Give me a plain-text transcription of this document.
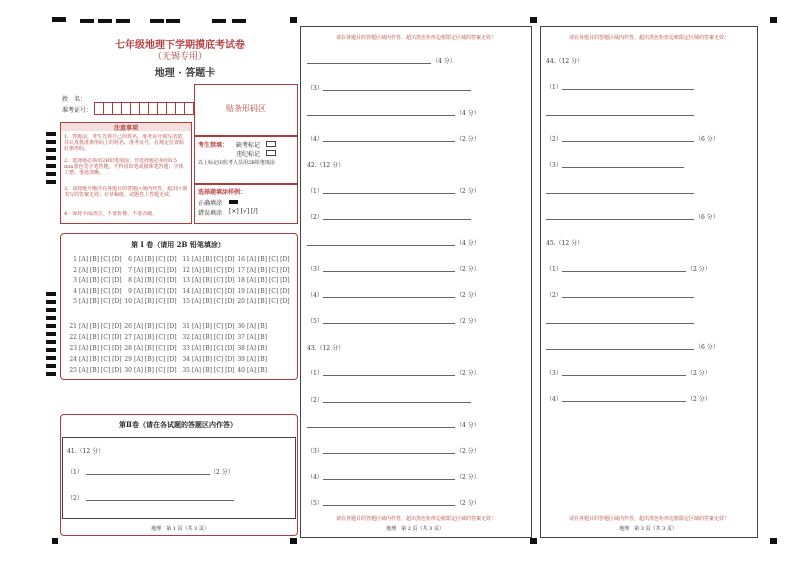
七年级地理下学期摸底考试卷
（无锡专用）
地理 · 答题卡
姓　名：
准考证号：	贴条形码区
注意事项
1．答题前，考生先将自己的姓名，准考证号填写清楚，并认真核准条形码上的姓名、准考证号，在规定位置贴好条形码。
2．选择题必须用2B铅笔填涂；非选择题必须用0.5 mm黑色签字笔答题，不得用铅笔或圆珠笔答题；字体工整、笔迹清晰。
3．请按题号顺序在各题目的答题区域内作答，超出区域书写的答案无效；在草稿纸、试题卷上答题无效。
4．保持卡面清洁，不要折叠、不要弄破。
考生禁填： 缺考标记
违纪标记
以上标记由监考人员用2B铅笔填涂
选择题填涂样例：
正确填涂
错误填涂 [×] [√] [/]
第 Ⅰ 卷（请用 2B 铅笔填涂）
1 [A] [B] [C] [D]
2 [A] [B] [C] [D]
3 [A] [B] [C] [D]
4 [A] [B] [C] [D]
5 [A] [B] [C] [D]
6 [A] [B] [C] [D]
7 [A] [B] [C] [D]
8 [A] [B] [C] [D]
9 [A] [B] [C] [D]
10 [A] [B] [C] [D]
11 [A] [B] [C] [D]
12 [A] [B] [C] [D]
13 [A] [B] [C] [D]
14 [A] [B] [C] [D]
15 [A] [B] [C] [D]
16 [A] [B] [C] [D]
17 [A] [B] [C] [D]
18 [A] [B] [C] [D]
19 [A] [B] [C] [D]
20 [A] [B] [C] [D]
21 [A] [B] [C] [D]
22 [A] [B] [C] [D]
23 [A] [B] [C] [D]
24 [A] [B] [C] [D]
25 [A] [B] [C] [D]
26 [A] [B] [C] [D]
27 [A] [B] [C] [D]
28 [A] [B] [C] [D]
29 [A] [B] [C] [D]
30 [A] [B] [C] [D]
31 [A] [B] [C] [D]
32 [A] [B] [C] [D]
33 [A] [B] [C] [D]
34 [A] [B] [C] [D]
35 [A] [B] [C] [D]
36 [A] [B]
37 [A] [B]
38 [A] [B]
39 [A] [B]
40 [A] [B]
第Ⅱ卷（请在各试题的答题区内作答）
41.（12 分）
（1）	（2 分）
（2）
地理　第 1 页（共 3 页）
请在各题目的答题区域内作答，超出黑色矩形边框限定区域的答案无效！
请在各题目的答题区域内作答，超出黑色矩形边框限定区域的答案无效！
地理　第 2 页（共 3 页）
（4 分）
（3）
（4 分）
（4）	（2 分）
42.（12 分）
（1）	（2 分）
（2）
（4 分）
（3）	（2 分）
（4）	（2 分）
（5）	（2 分）
43.（12 分）
（1）	（2 分）
（2）
（4 分）
（3）	（2 分）
（4）	（2 分）
（5）	（2 分）
请在各题目的答题区域内作答，超出黑色矩形边框限定区域的答案无效！
请在各题目的答题区域内作答，超出黑色矩形边框限定区域的答案无效！
地理　第 3 页（共 3 页）
44.（12 分）
（1）
（2）	（6 分）
（3）
（6 分）
45.（12 分）
（1）	（2 分）
（2）
（6 分）
（3）	（2 分）
（4）	（2 分）
